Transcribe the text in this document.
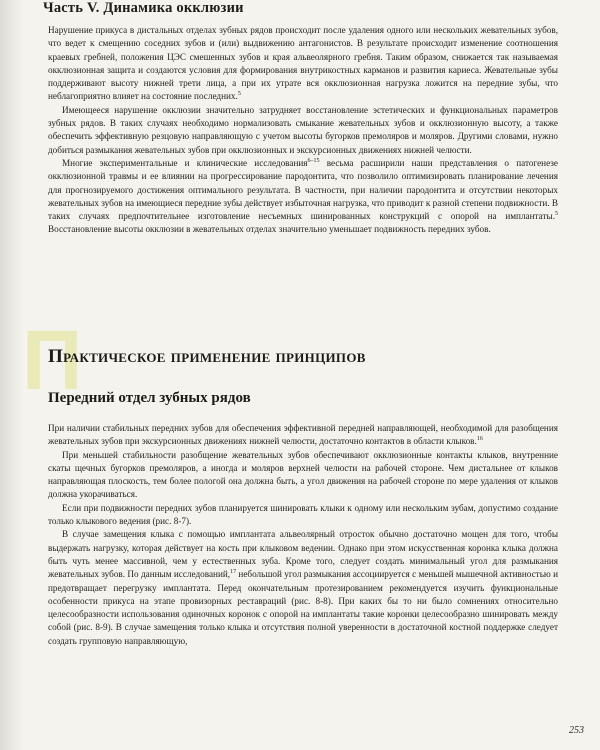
Часть V. Динамика окклюзии

Нарушение прикуса в дистальных отделах зубных рядов происходит после удаления одного или нескольких жевательных зубов, что ведет к смещению соседних зубов и (или) выдвижению антагонистов. В результате происходит изменение соотношения краевых гребней, положения ЦЭС смешенных зубов и края альвеолярного гребня. Таким образом, снижается так называемая окклюзионная защита и создаются условия для формирования внутрикостных карманов и развития кариеса. Жевательные зубы поддерживают высоту нижней трети лица, а при их утрате вся окклюзионная нагрузка ложится на передние зубы, что неблагоприятно влияет на состояние последних.$^5$

Имеющееся нарушение окклюзии значительно затрудняет восстановление эстетических и функциональных параметров зубных рядов. В таких случаях необходимо нормализовать смыкание жевательных зубов и окклюзионную высоту, а также обеспечить эффективную резцовую направляющую с учетом высоты бугорков премоляров и моляров. Другими словами, нужно добиться размыкания жевательных зубов при окклюзионных и экскурсионных движениях нижней челюсти.

Многие экспериментальные и клинические исследования$^{6-15}$ весьма расширили наши представления о патогенезе окклюзионной травмы и ее влиянии на прогрессирование пародонтита, что позволило оптимизировать планирование лечения для прогнозируемого достижения оптимального результата. В частности, при наличии пародонтита и отсутствии некоторых жевательных зубов на имеющиеся передние зубы действует избыточная нагрузка, что приводит к разной степени подвижности. В таких случаях предпочтительнее изготовление несъемных шинированных конструкций с опорой на имплантаты.$^5$ Восстановление высоты окклюзии в жевательных отделах значительно уменьшает подвижность передних зубов.

П
Практическое применение принципов
Передний отдел зубных рядов

При наличии стабильных передних зубов для обеспечения эффективной передней направляющей, необходимой для разобщения жевательных зубов при экскурсионных движениях нижней челюсти, достаточно контактов в области клыков.$^{16}$

При меньшей стабильности разобщение жевательных зубов обеспечивают окклюзионные контакты клыков, внутренние скаты щечных бугорков премоляров, а иногда и моляров верхней челюсти на рабочей стороне. Чем дистальнее от клыков направляющая плоскость, тем более пологой она должна быть, а угол движения на рабочей стороне по мере удаления от клыков должна укорачиваться.

Если при подвижности передних зубов планируется шинировать клыки к одному или нескольким зубам, допустимо создание только клыкового ведения (рис. 8-7).

В случае замещения клыка с помощью имплантата альвеолярный отросток обычно достаточно мощен для того, чтобы выдержать нагрузку, которая действует на кость при клыковом ведении. Однако при этом искусственная коронка клыка должна быть чуть менее массивной, чем у естественных зуба. Кроме того, следует создать минимальный угол для размыкания жевательных зубов. По данным исследований,$^{17}$ небольшой угол размыкания ассоциируется с меньшей мышечной активностью и предотвращает перегрузку имплантата. Перед окончательным протезированием рекомендуется изучить функциональные особенности прикуса на этапе провизорных реставраций (рис. 8-8). При каких бы то ни было сомнениях относительно целесообразности использования одиночных коронок с опорой на имплантаты такие коронки целесообразно шинировать между собой (рис. 8-9). В случае замещения только клыка и отсутствия полной уверенности в достаточной костной поддержке следует создать групповую направляющую,

253
